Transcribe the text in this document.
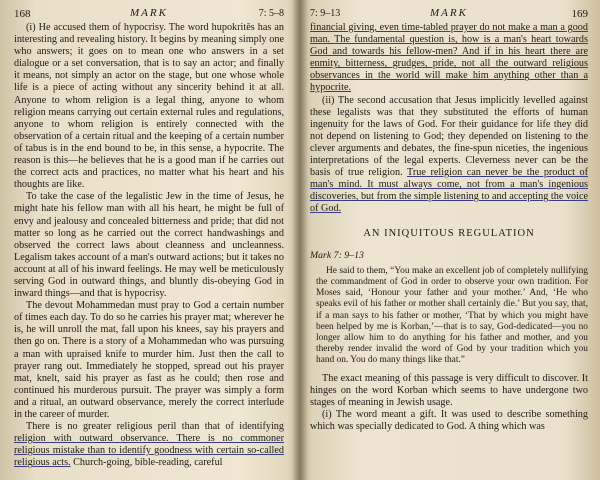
168	MARK	7: 5–8

(i) He accused them of hypocrisy. The word hupokritēs has an interesting and revealing history. It begins by meaning simply one who answers; it goes on to mean one who answers in a set dialogue or a set conversation, that is to say an actor; and finally it means, not simply an actor on the stage, but one whose whole life is a piece of acting without any sincerity behind it at all. Anyone to whom religion is a legal thing, anyone to whom religion means carrying out certain external rules and regulations, anyone to whom religion is entirely connected with the observation of a certain ritual and the keeping of a certain number of tabus is in the end bound to be, in this sense, a hypocrite. The reason is this—he believes that he is a good man if he carries out the correct acts and practices, no matter what his heart and his thoughts are like.

To take the case of the legalistic Jew in the time of Jesus, he might hate his fellow man with all his heart, he might be full of envy and jealousy and concealed bitterness and pride; that did not matter so long as he carried out the correct handwashings and observed the correct laws about cleanness and uncleanness. Legalism takes account of a man's outward actions; but it takes no account at all of his inward feelings. He may well be meticulously serving God in outward things, and bluntly dis-obeying God in inward things—and that is hypocrisy.

The devout Mohammedan must pray to God a certain number of times each day. To do so he carries his prayer mat; wherever he is, he will unroll the mat, fall upon his knees, say his prayers and then go on. There is a story of a Mohammedan who was pursuing a man with upraised knife to murder him. Just then the call to prayer rang out. Immediately he stopped, spread out his prayer mat, knelt, said his prayer as fast as he could; then rose and continued his murderous pursuit. The prayer was simply a form and a ritual, an outward observance, merely the correct interlude in the career of murder.

There is no greater religious peril than that of identifying religion with outward observance. There is no commoner religious mistake than to identify goodness with certain so-called religious acts. Church-going, bible-reading, careful

7: 9–13	MARK	169

financial giving, even time-tabled prayer do not make a man a good man. The fundamental question is, how is a man's heart towards God and towards his fellow-men? And if in his heart there are enmity, bitterness, grudges, pride, not all the outward religious observances in the world will make him anything other than a hypocrite.

(ii) The second accusation that Jesus implicitly levelled against these legalists was that they substituted the efforts of human ingenuity for the laws of God. For their guidance for life they did not depend on listening to God; they depended on listening to the clever arguments and debates, the fine-spun niceties, the ingenious interpretations of the legal experts. Cleverness never can be the basis of true religion. True religion can never be the product of man's mind. It must always come, not from a man's ingenious discoveries, but from the simple listening to and accepting the voice of God.

AN INIQUITOUS REGULATION
Mark 7: 9–13

He said to them, “You make an excellent job of completely nullifying the commandment of God in order to observe your own tradition. For Moses said, ‘Honour your father and your mother.’ And, ‘He who speaks evil of his father or mother shall certainly die.’ But you say, that, if a man says to his father or mother, ‘That by which you might have been helped by me is Korban,’—that is to say, God-dedicated—you no longer allow him to do anything for his father and mother, and you thereby render invalid the word of God by your tradition which you hand on. You do many things like that.”

The exact meaning of this passage is very difficult to discover. It hinges on the word Korban which seems to have undergone two stages of meaning in Jewish usage.

(i) The word meant a gift. It was used to describe something which was specially dedicated to God. A thing which was
